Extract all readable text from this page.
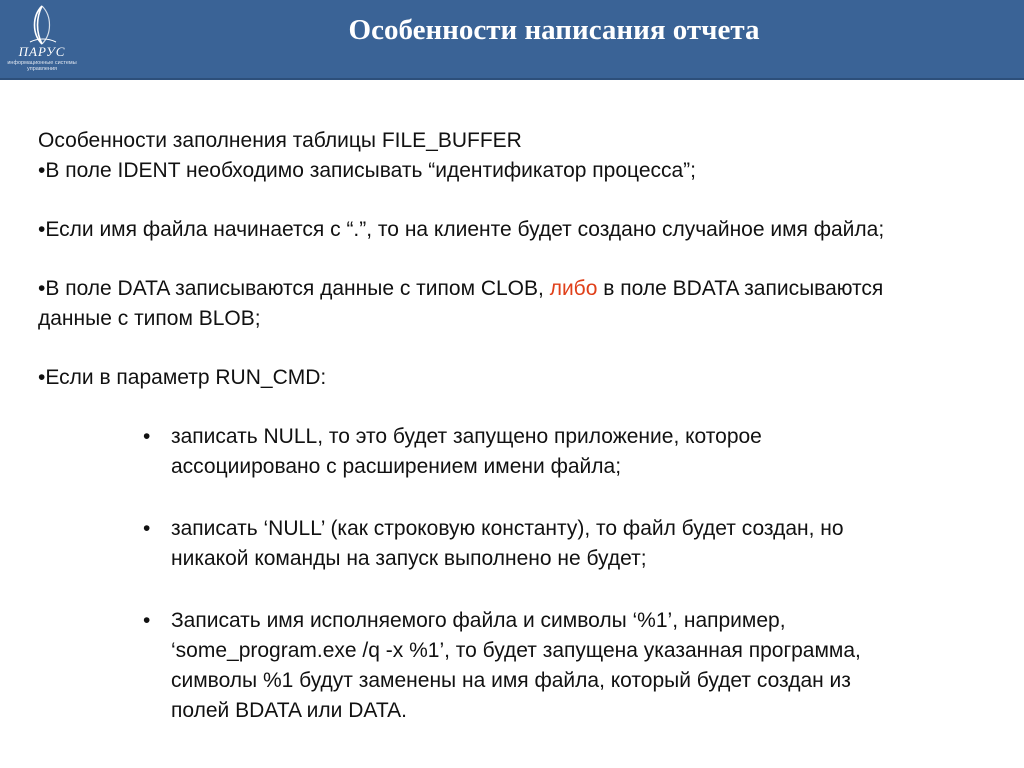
ПАРУС
информационные системы управления
Особенности написания отчета
Особенности заполнения таблицы FILE_BUFFER
•В поле IDENT необходимо записывать “идентификатор процесса”;
•Если имя файла начинается с “.”, то на клиенте будет создано случайное имя файла;
•В поле DATA записываются данные с типом CLOB, либо в поле BDATA записываются
данные с типом BLOB;
•Если в параметр RUN_CMD:
• записать NULL, то это будет запущено приложение, которое
ассоциировано с расширением имени файла;
• записать ‘NULL’ (как строковую константу), то файл будет создан, но
никакой команды на запуск выполнено не будет;
• Записать имя исполняемого файла и символы ‘%1’, например,
‘some_program.exe /q -x %1’, то будет запущена указанная программа,
символы %1 будут заменены на имя файла, который будет создан из
полей BDATA или DATA.
